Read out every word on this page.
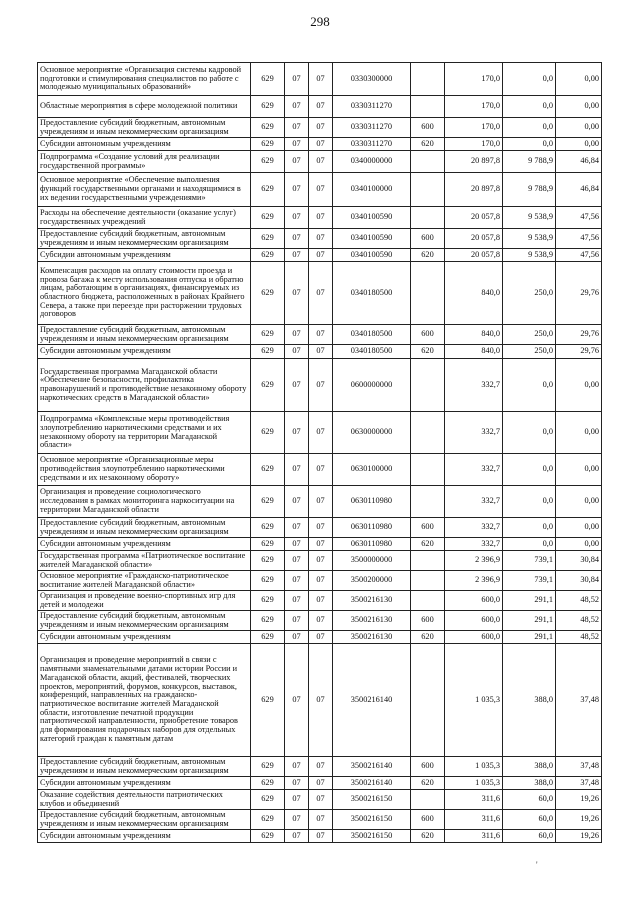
298
Основное мероприятие «Организация системы кадровой подготовки и стимулирования специалистов по работе с молодежью муниципальных образований»	629	07	07	0330300000		170,0	0,0	0,00
Областные мероприятия в сфере молодежной политики	629	07	07	0330311270		170,0	0,0	0,00
Предоставление субсидий бюджетным, автономным учреждениям и иным некоммерческим организациям	629	07	07	0330311270	600	170,0	0,0	0,00
Субсидии автономным учреждениям	629	07	07	0330311270	620	170,0	0,0	0,00
Подпрограмма «Создание условий для реализации государственной программы»	629	07	07	0340000000		20 897,8	9 788,9	46,84
Основное мероприятие «Обеспечение выполнения функций государственными органами и находящимися в их ведении государственными учреждениями»	629	07	07	0340100000		20 897,8	9 788,9	46,84
Расходы на обеспечение деятельности (оказание услуг) государственных учреждений	629	07	07	0340100590		20 057,8	9 538,9	47,56
Предоставление субсидий бюджетным, автономным учреждениям и иным некоммерческим организациям	629	07	07	0340100590	600	20 057,8	9 538,9	47,56
Субсидии автономным учреждениям	629	07	07	0340100590	620	20 057,8	9 538,9	47,56
Компенсация расходов на оплату стоимости проезда и провоза багажа к месту использования отпуска и обратно лицам, работающим в организациях, финансируемых из областного бюджета, расположенных в районах Крайнего Севера, а также при переезде при расторжении трудовых договоров	629	07	07	0340180500		840,0	250,0	29,76
Предоставление субсидий бюджетным, автономным учреждениям и иным некоммерческим организациям	629	07	07	0340180500	600	840,0	250,0	29,76
Субсидии автономным учреждениям	629	07	07	0340180500	620	840,0	250,0	29,76
Государственная программа Магаданской области «Обеспечение безопасности, профилактика правонарушений и противодействие незаконному обороту наркотических средств в Магаданской области»	629	07	07	0600000000		332,7	0,0	0,00
Подпрограмма «Комплексные меры противодействия злоупотреблению наркотическими средствами и их незаконному обороту на территории Магаданской области»	629	07	07	0630000000		332,7	0,0	0,00
Основное мероприятие «Организационные меры противодействия злоупотреблению наркотическими средствами и их незаконному обороту»	629	07	07	0630100000		332,7	0,0	0,00
Организация и проведение социологического исследования в рамках мониторинга наркоситуации на территории Магаданской области	629	07	07	0630110980		332,7	0,0	0,00
Предоставление субсидий бюджетным, автономным учреждениям и иным некоммерческим организациям	629	07	07	0630110980	600	332,7	0,0	0,00
Субсидии автономным учреждениям	629	07	07	0630110980	620	332,7	0,0	0,00
Государственная программа «Патриотическое воспитание жителей Магаданской области»	629	07	07	3500000000		2 396,9	739,1	30,84
Основное мероприятие «Гражданско-патриотическое воспитание жителей Магаданской области»	629	07	07	3500200000		2 396,9	739,1	30,84
Организация и проведение военно-спортивных игр для детей и молодежи	629	07	07	3500216130		600,0	291,1	48,52
Предоставление субсидий бюджетным, автономным учреждениям и иным некоммерческим организациям	629	07	07	3500216130	600	600,0	291,1	48,52
Субсидии автономным учреждениям	629	07	07	3500216130	620	600,0	291,1	48,52
Организация и проведение мероприятий в связи с памятными знаменательными датами истории России и Магаданской области, акций, фестивалей, творческих проектов, мероприятий, форумов, конкурсов, выставок, конференций, направленных на гражданско-патриотическое воспитание жителей Магаданской области, изготовление печатной продукции патриотической направленности, приобретение товаров для формирования подарочных наборов для отдельных категорий граждан к памятным датам	629	07	07	3500216140		1 035,3	388,0	37,48
Предоставление субсидий бюджетным, автономным учреждениям и иным некоммерческим организациям	629	07	07	3500216140	600	1 035,3	388,0	37,48
Субсидии автономным учреждениям	629	07	07	3500216140	620	1 035,3	388,0	37,48
Оказание содействия деятельности патриотических клубов и объединений	629	07	07	3500216150		311,6	60,0	19,26
Предоставление субсидий бюджетным, автономным учреждениям и иным некоммерческим организациям	629	07	07	3500216150	600	311,6	60,0	19,26
Субсидии автономным учреждениям	629	07	07	3500216150	620	311,6	60,0	19,26
'
